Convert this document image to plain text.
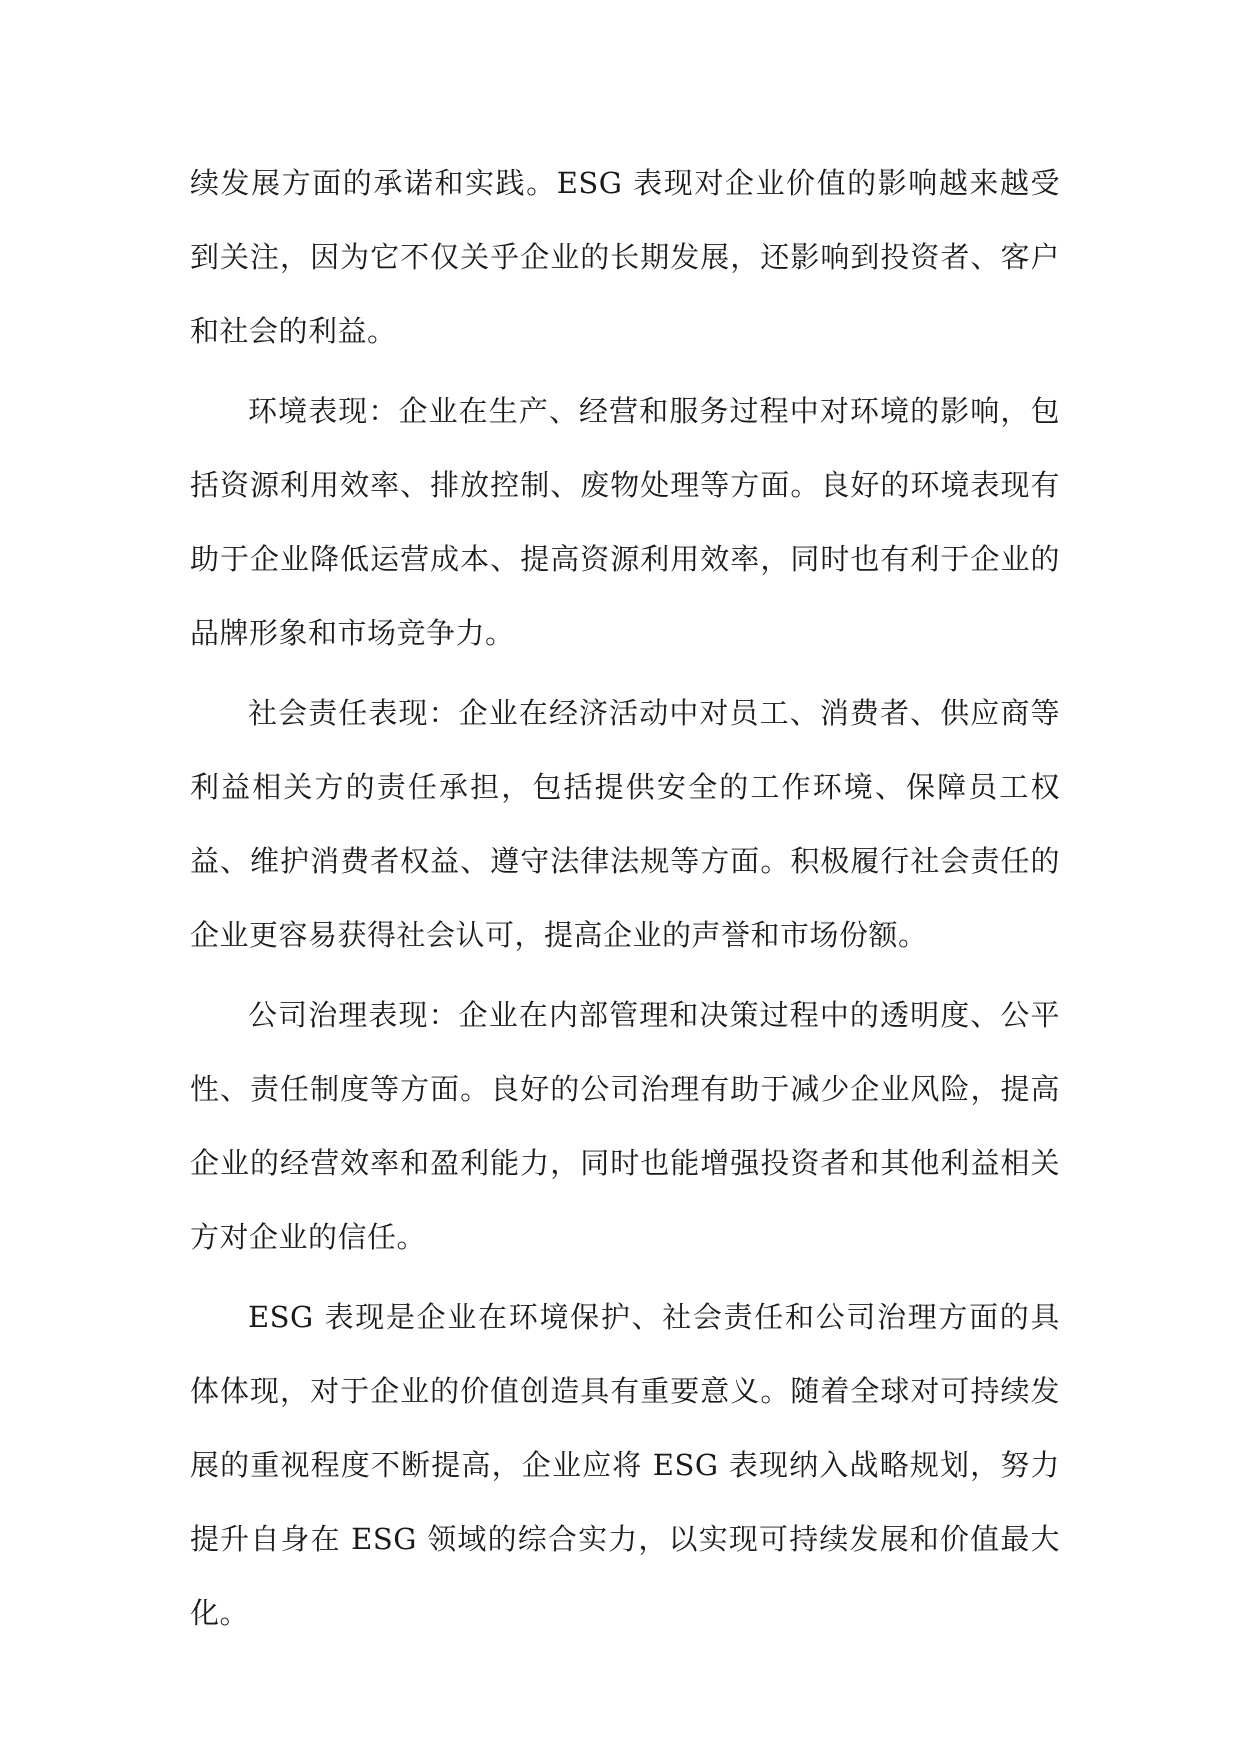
续发展方面的承诺和实践。ESG 表现对企业价值的影响越来越受到关注，因为它不仅关乎企业的长期发展，还影响到投资者、客户和社会的利益。

环境表现：企业在生产、经营和服务过程中对环境的影响，包括资源利用效率、排放控制、废物处理等方面。良好的环境表现有助于企业降低运营成本、提高资源利用效率，同时也有利于企业的品牌形象和市场竞争力。

社会责任表现：企业在经济活动中对员工、消费者、供应商等利益相关方的责任承担，包括提供安全的工作环境、保障员工权益、维护消费者权益、遵守法律法规等方面。积极履行社会责任的企业更容易获得社会认可，提高企业的声誉和市场份额。

公司治理表现：企业在内部管理和决策过程中的透明度、公平性、责任制度等方面。良好的公司治理有助于减少企业风险，提高企业的经营效率和盈利能力，同时也能增强投资者和其他利益相关方对企业的信任。

ESG 表现是企业在环境保护、社会责任和公司治理方面的具体体现，对于企业的价值创造具有重要意义。随着全球对可持续发展的重视程度不断提高，企业应将 ESG 表现纳入战略规划，努力提升自身在 ESG 领域的综合实力，以实现可持续发展和价值最大化。
